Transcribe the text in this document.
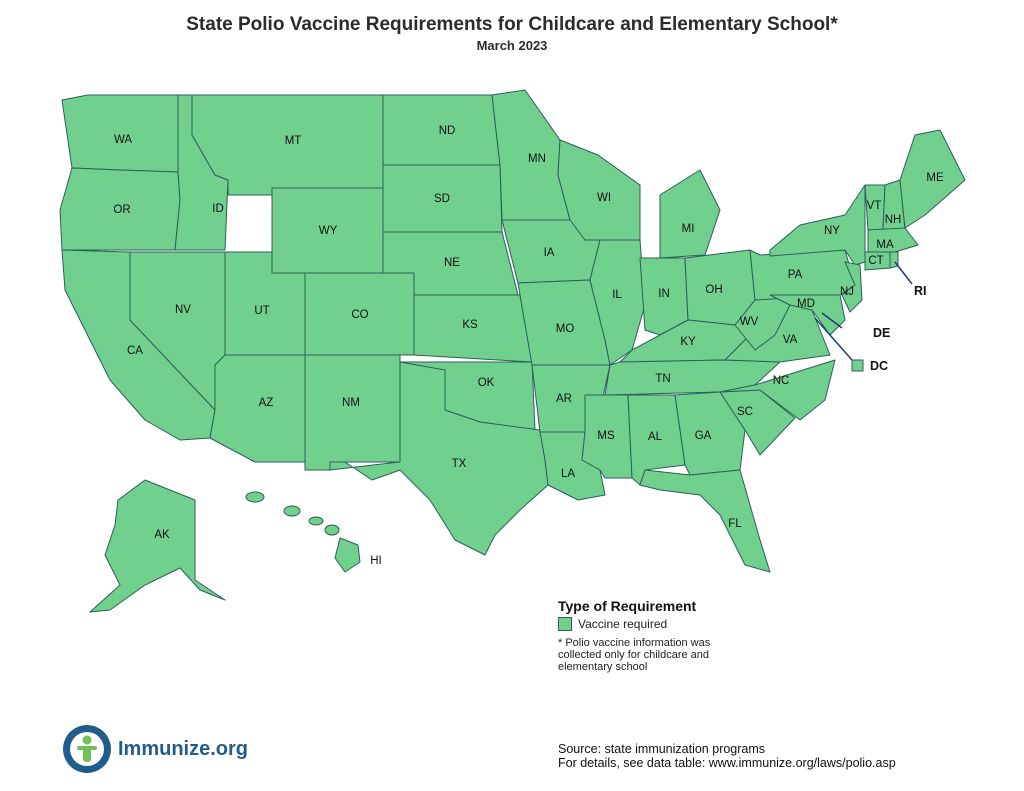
State Polio Vaccine Requirements for Childcare and Elementary School*
March 2023
WA
OR
CA
ID
NV
MT
WY
UT
AZ
CO
NM
ND
SD
NE
KS
OK
TX
MN
IA
MO
AR
LA
WI
IL
MI
IN	OH
KY
TN
MS	AL	GA
FL
SC
NC
VA
WV
PA
NY
VT
NH
ME
MA
CT
NJ
MD
AK
HI
RI
DE
DC
Type of Requirement
Vaccine required
* Polio vaccine information was collected only for childcare and elementary school
Immunize.org	Source: state immunization programs
For details, see data table: www.immunize.org/laws/polio.asp
